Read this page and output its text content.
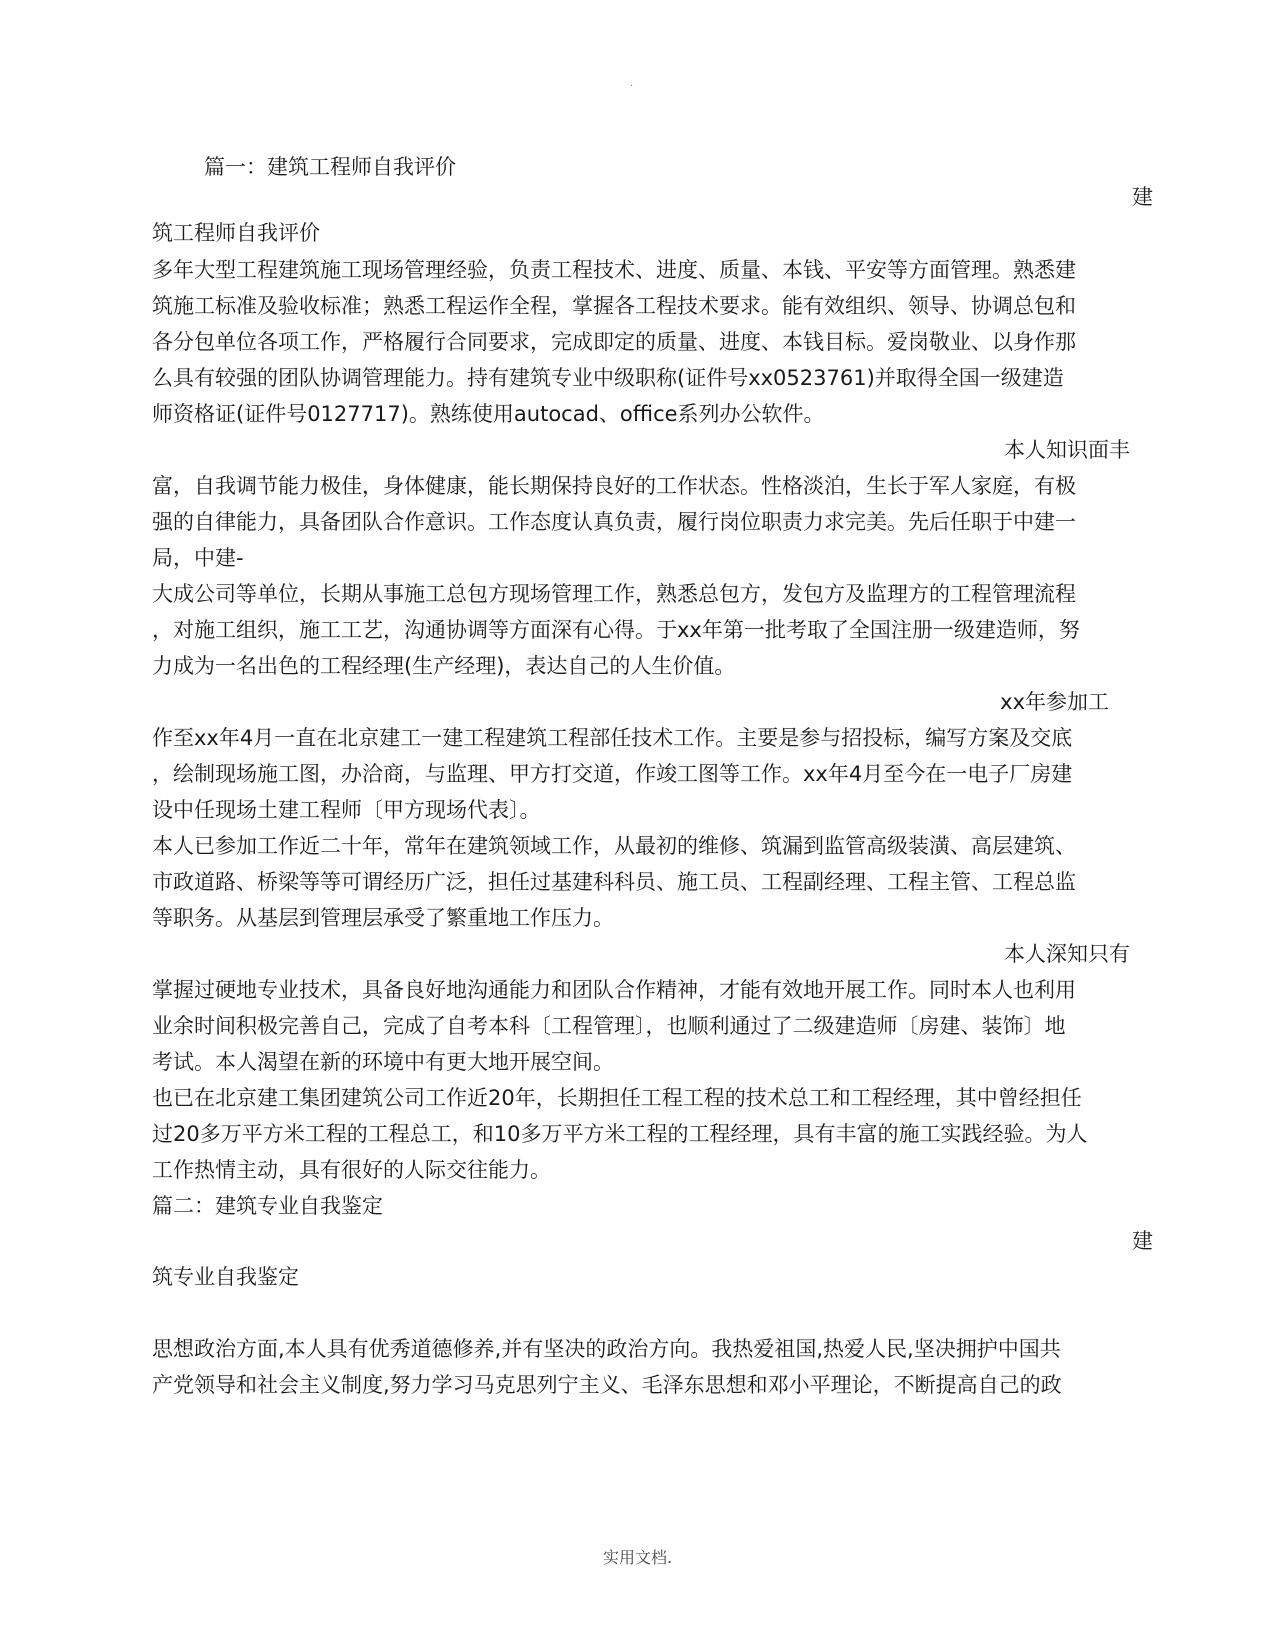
.
篇一：建筑工程师自我评价
建
筑工程师自我评价
多年大型工程建筑施工现场管理经验，负责工程技术、进度、质量、本钱、平安等方面管理。熟悉建
筑施工标准及验收标准；熟悉工程运作全程，掌握各工程技术要求。能有效组织、领导、协调总包和
各分包单位各项工作，严格履行合同要求，完成即定的质量、进度、本钱目标。爱岗敬业、以身作那
么具有较强的团队协调管理能力。持有建筑专业中级职称(证件号xx0523761)并取得全国一级建造
师资格证(证件号0127717)。熟练使用autocad、office系列办公软件。
本人知识面丰
富，自我调节能力极佳，身体健康，能长期保持良好的工作状态。性格淡泊，生长于军人家庭，有极
强的自律能力，具备团队合作意识。工作态度认真负责，履行岗位职责力求完美。先后任职于中建一
局，中建-
大成公司等单位，长期从事施工总包方现场管理工作，熟悉总包方，发包方及监理方的工程管理流程
，对施工组织，施工工艺，沟通协调等方面深有心得。于xx年第一批考取了全国注册一级建造师，努
力成为一名出色的工程经理(生产经理)，表达自己的人生价值。
xx年参加工
作至xx年4月一直在北京建工一建工程建筑工程部任技术工作。主要是参与招投标，编写方案及交底
，绘制现场施工图，办洽商，与监理、甲方打交道，作竣工图等工作。xx年4月至今在一电子厂房建
设中任现场土建工程师〔甲方现场代表〕。
本人已参加工作近二十年，常年在建筑领域工作，从最初的维修、筑漏到监管高级装潢、高层建筑、
市政道路、桥梁等等可谓经历广泛，担任过基建科科员、施工员、工程副经理、工程主管、工程总监
等职务。从基层到管理层承受了繁重地工作压力。
本人深知只有
掌握过硬地专业技术，具备良好地沟通能力和团队合作精神，才能有效地开展工作。同时本人也利用
业余时间积极完善自己，完成了自考本科〔工程管理〕，也顺利通过了二级建造师〔房建、装饰〕地
考试。本人渴望在新的环境中有更大地开展空间。
也已在北京建工集团建筑公司工作近20年，长期担任工程工程的技术总工和工程经理，其中曾经担任
过20多万平方米工程的工程总工，和10多万平方米工程的工程经理，具有丰富的施工实践经验。为人
工作热情主动，具有很好的人际交往能力。
篇二：建筑专业自我鉴定
建
筑专业自我鉴定
思想政治方面,本人具有优秀道德修养,并有坚决的政治方向。我热爱祖国,热爱人民,坚决拥护中国共
产党领导和社会主义制度,努力学习马克思列宁主义、毛泽东思想和邓小平理论，不断提高自己的政
实用文档.
